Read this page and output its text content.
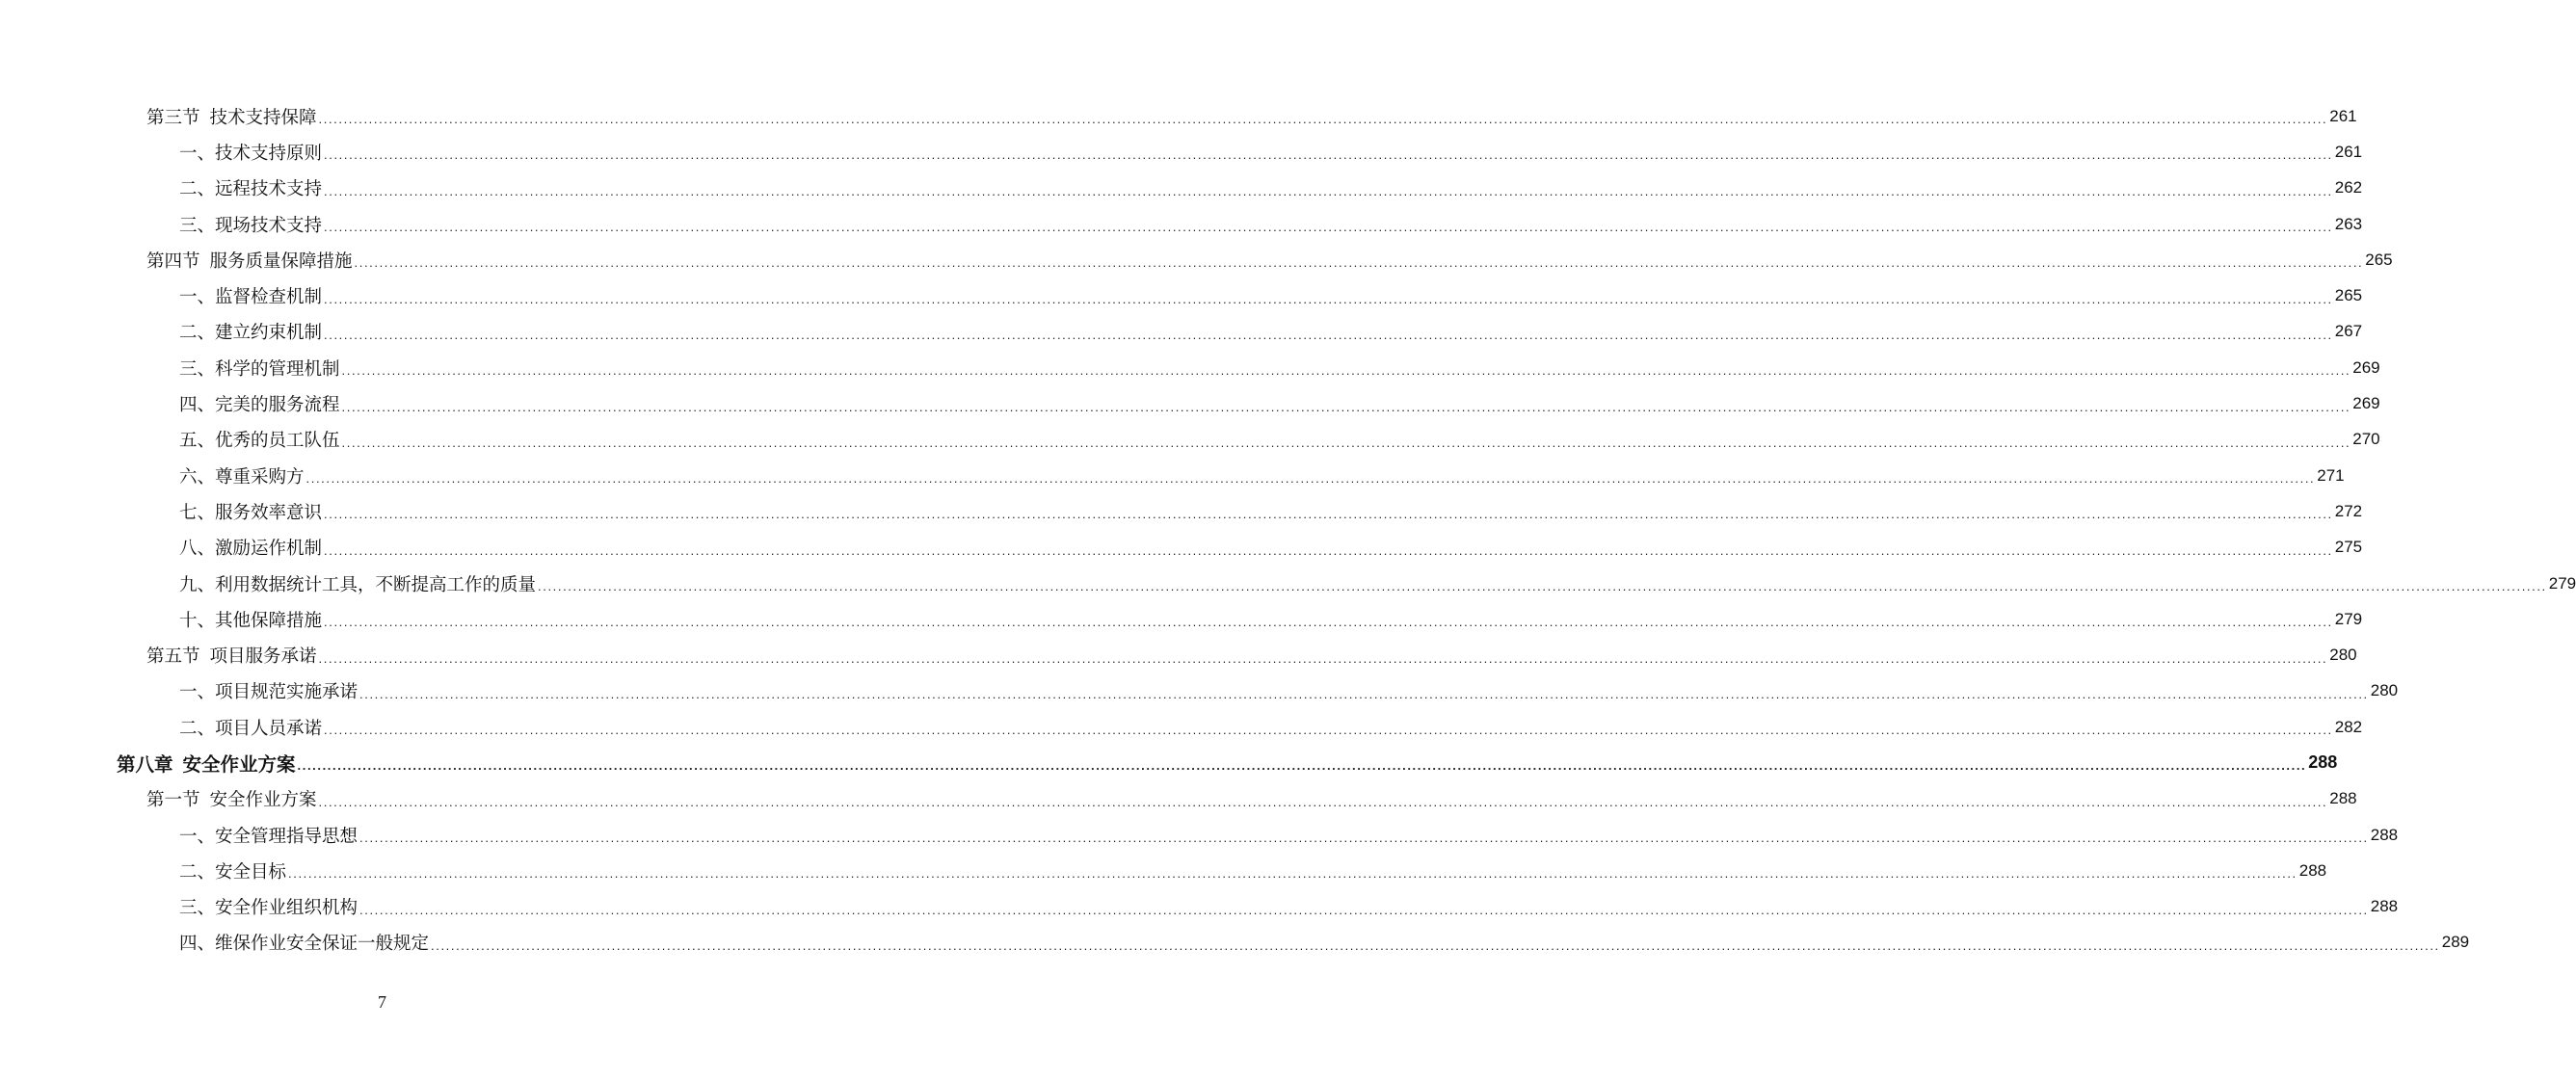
第三节 技术支持保障 ................................................................................................................................................................................................................................................................................................................................................................................................................ 261
一、技术支持原则 ................................................................................................................................................................................................................................................................................................................................................................................................................ 261
二、远程技术支持 ................................................................................................................................................................................................................................................................................................................................................................................................................ 262
三、现场技术支持 ................................................................................................................................................................................................................................................................................................................................................................................................................ 263
第四节 服务质量保障措施 ................................................................................................................................................................................................................................................................................................................................................................................................................ 265
一、监督检查机制 ................................................................................................................................................................................................................................................................................................................................................................................................................ 265
二、建立约束机制 ................................................................................................................................................................................................................................................................................................................................................................................................................ 267
三、科学的管理机制 ................................................................................................................................................................................................................................................................................................................................................................................................................ 269
四、完美的服务流程 ................................................................................................................................................................................................................................................................................................................................................................................................................ 269
五、优秀的员工队伍 ................................................................................................................................................................................................................................................................................................................................................................................................................ 270
六、尊重采购方 ................................................................................................................................................................................................................................................................................................................................................................................................................ 271
七、服务效率意识 ................................................................................................................................................................................................................................................................................................................................................................................................................ 272
八、激励运作机制 ................................................................................................................................................................................................................................................................................................................................................................................................................ 275
九、利用数据统计工具，不断提高工作的质量 ................................................................................................................................................................................................................................................................................................................................................................................................................ 279
十、其他保障措施 ................................................................................................................................................................................................................................................................................................................................................................................................................ 279
第五节 项目服务承诺 ................................................................................................................................................................................................................................................................................................................................................................................................................ 280
一、项目规范实施承诺 ................................................................................................................................................................................................................................................................................................................................................................................................................ 280
二、项目人员承诺 ................................................................................................................................................................................................................................................................................................................................................................................................................ 282
第八章 安全作业方案 ................................................................................................................................................................................................................................................................................................................................................................................................................ 288
第一节 安全作业方案 ................................................................................................................................................................................................................................................................................................................................................................................................................ 288
一、安全管理指导思想 ................................................................................................................................................................................................................................................................................................................................................................................................................ 288
二、安全目标 ................................................................................................................................................................................................................................................................................................................................................................................................................ 288
三、安全作业组织机构 ................................................................................................................................................................................................................................................................................................................................................................................................................ 288
四、维保作业安全保证一般规定 ................................................................................................................................................................................................................................................................................................................................................................................................................ 289
7
